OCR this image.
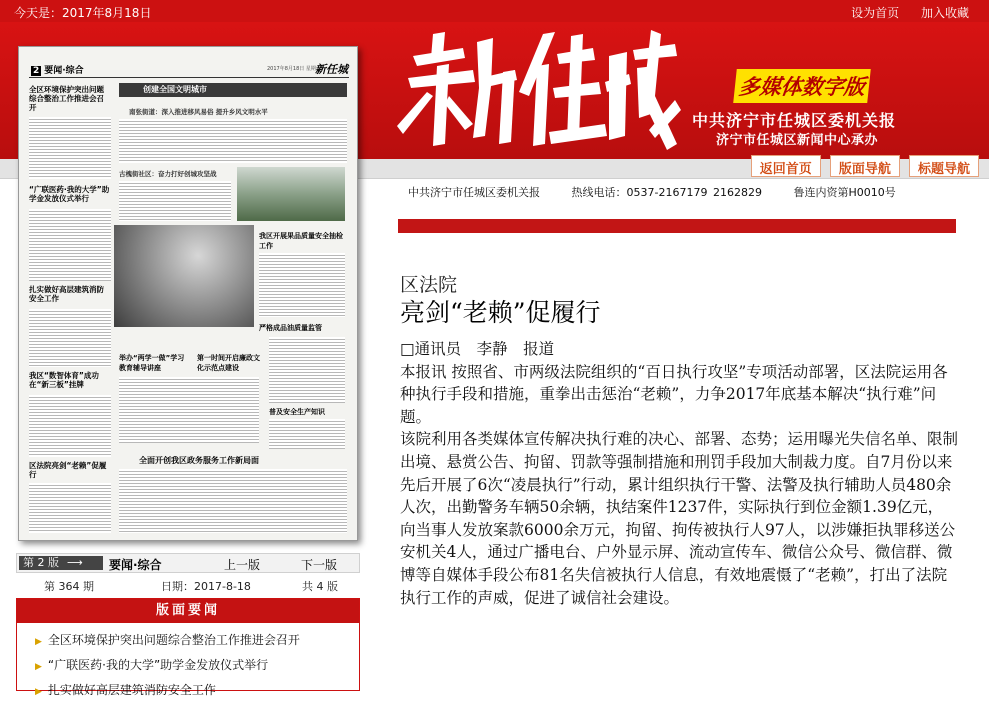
今天是：2017年8月18日	设为首页 加入收藏
多媒体数字版
中共济宁市任城区委机关报
济宁市任城区新闻中心承办
返回首页 版面导航 标题导航
中共济宁市任城区委机关报	热线电话：0537-2167179 2162829	鲁连内资第H0010号
区法院
亮剑“老赖”促履行

□通讯员　李静　报道

本报讯 按照省、市两级法院组织的“百日执行攻坚”专项活动部署，区法院运用各种执行手段和措施，重拳出击惩治“老赖”，力争2017年底基本解决“执行难”问题。

该院利用各类媒体宣传解决执行难的决心、部署、态势；运用曝光失信名单、限制出境、悬赏公告、拘留、罚款等强制措施和刑罚手段加大制裁力度。自7月份以来先后开展了6次“凌晨执行”行动，累计组织执行干警、法警及执行辅助人员480余人次，出勤警务车辆50余辆，执结案件1237件，实际执行到位金额1.39亿元，向当事人发放案款6000余万元，拘留、拘传被执行人97人，以涉嫌拒执罪移送公安机关4人，通过广播电台、户外显示屏、流动宣传车、微信公众号、微信群、微博等自媒体手段公布81名失信被执行人信息，有效地震慑了“老赖”，打出了法院执行工作的声威，促进了诚信社会建设。

2 要闻·综合	2017年8月18日 星期五
新任城
全区环境保护突出问题综合整治工作推进会召开
“广联医药·我的大学”助学金发放仪式举行
扎实做好高层建筑消防安全工作
我区“数智体育”成功在“新三板”挂牌
区法院亮剑“老赖”促履行
创建全国文明城市
南张街道：深入推进移风易俗 提升乡风文明水平
古槐街社区：奋力打好创城攻坚战
我区开展果品质量安全抽检工作
严格成品油质量监管
举办“两学一做”学习教育辅导讲座
第一时间开启廉政文化示范点建设
普及安全生产知识
全面开创我区政务服务工作新局面
第 2 版 ⟶	要闻·综合	上一版	下一版
第 364 期	日期：2017-8-18	共 4 版
版面要闻
▶ 全区环境保护突出问题综合整治工作推进会召开
▶ “广联医药·我的大学”助学金发放仪式举行
▶ 扎实做好高层建筑消防安全工作
